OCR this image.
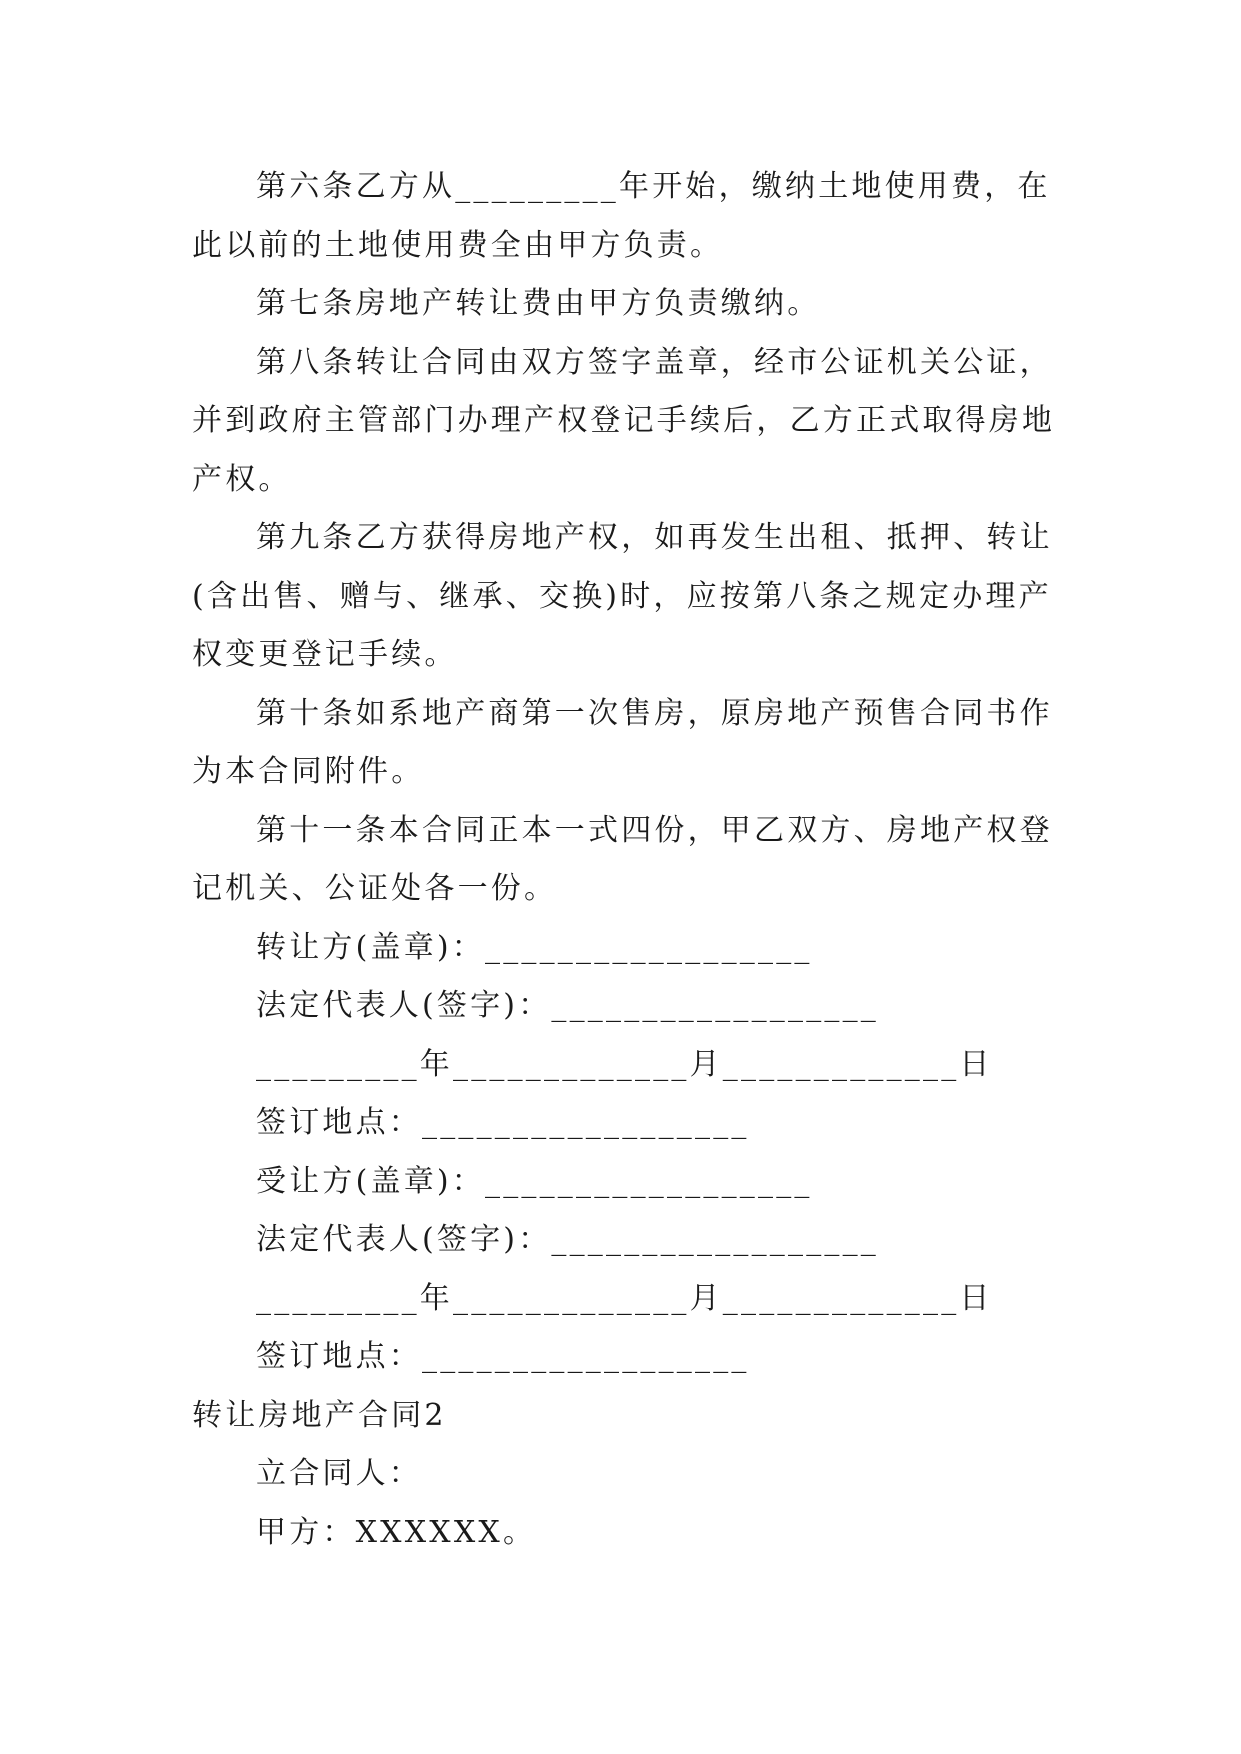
第六条乙方从_________年开始，缴纳土地使用费，在此以前的土地使用费全由甲方负责。

第七条房地产转让费由甲方负责缴纳。

第八条转让合同由双方签字盖章，经市公证机关公证，并到政府主管部门办理产权登记手续后，乙方正式取得房地产权。

第九条乙方获得房地产权，如再发生出租、抵押、转让(含出售、赠与、继承、交换)时，应按第八条之规定办理产权变更登记手续。

第十条如系地产商第一次售房，原房地产预售合同书作为本合同附件。

第十一条本合同正本一式四份，甲乙双方、房地产权登记机关、公证处各一份。

转让方(盖章)：__________________

法定代表人(签字)：__________________

_________年_____________月_____________日

签订地点：__________________

受让方(盖章)：__________________

法定代表人(签字)：__________________

_________年_____________月_____________日

签订地点：__________________

转让房地产合同2

立合同人：

甲方：XXXXXX。
